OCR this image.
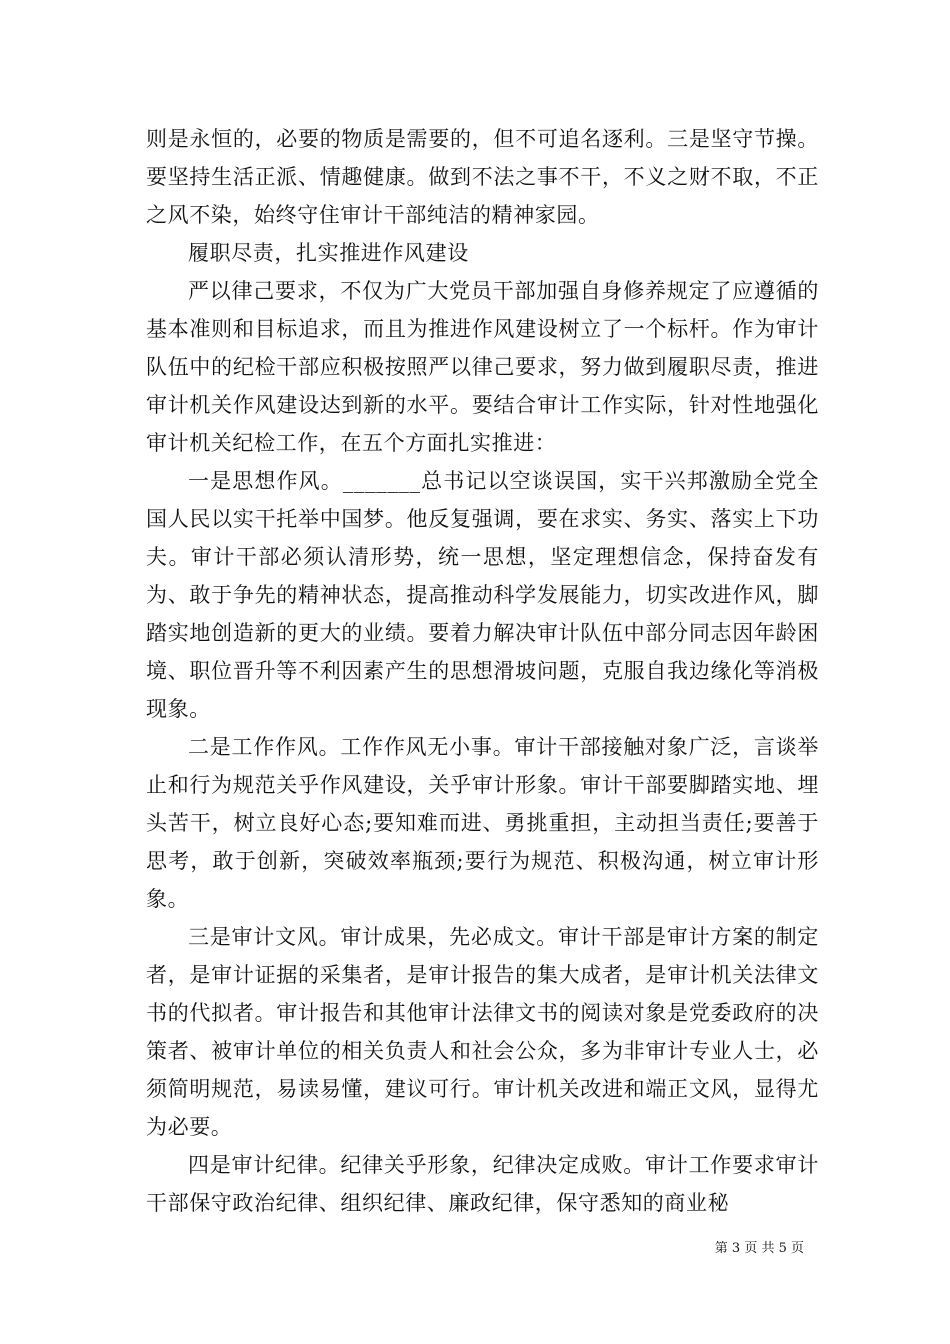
则是永恒的，必要的物质是需要的，但不可追名逐利。三是坚守节操。要坚持生活正派、情趣健康。做到不法之事不干，不义之财不取，不正之风不染，始终守住审计干部纯洁的精神家园。

履职尽责，扎实推进作风建设

严以律己要求，不仅为广大党员干部加强自身修养规定了应遵循的基本准则和目标追求，而且为推进作风建设树立了一个标杆。作为审计队伍中的纪检干部应积极按照严以律己要求，努力做到履职尽责，推进审计机关作风建设达到新的水平。要结合审计工作实际，针对性地强化审计机关纪检工作，在五个方面扎实推进：

一是思想作风。_______总书记以空谈误国，实干兴邦激励全党全国人民以实干托举中国梦。他反复强调，要在求实、务实、落实上下功夫。审计干部必须认清形势，统一思想，坚定理想信念，保持奋发有为、敢于争先的精神状态，提高推动科学发展能力，切实改进作风，脚踏实地创造新的更大的业绩。要着力解决审计队伍中部分同志因年龄困境、职位晋升等不利因素产生的思想滑坡问题，克服自我边缘化等消极现象。

二是工作作风。工作作风无小事。审计干部接触对象广泛，言谈举止和行为规范关乎作风建设，关乎审计形象。审计干部要脚踏实地、埋头苦干，树立良好心态;要知难而进、勇挑重担，主动担当责任;要善于思考，敢于创新，突破效率瓶颈;要行为规范、积极沟通，树立审计形象。

三是审计文风。审计成果，先必成文。审计干部是审计方案的制定者，是审计证据的采集者，是审计报告的集大成者，是审计机关法律文书的代拟者。审计报告和其他审计法律文书的阅读对象是党委政府的决策者、被审计单位的相关负责人和社会公众，多为非审计专业人士，必须简明规范，易读易懂，建议可行。审计机关改进和端正文风，显得尤为必要。

四是审计纪律。纪律关乎形象，纪律决定成败。审计工作要求审计干部保守政治纪律、组织纪律、廉政纪律，保守悉知的商业秘

第 3 页 共 5 页
